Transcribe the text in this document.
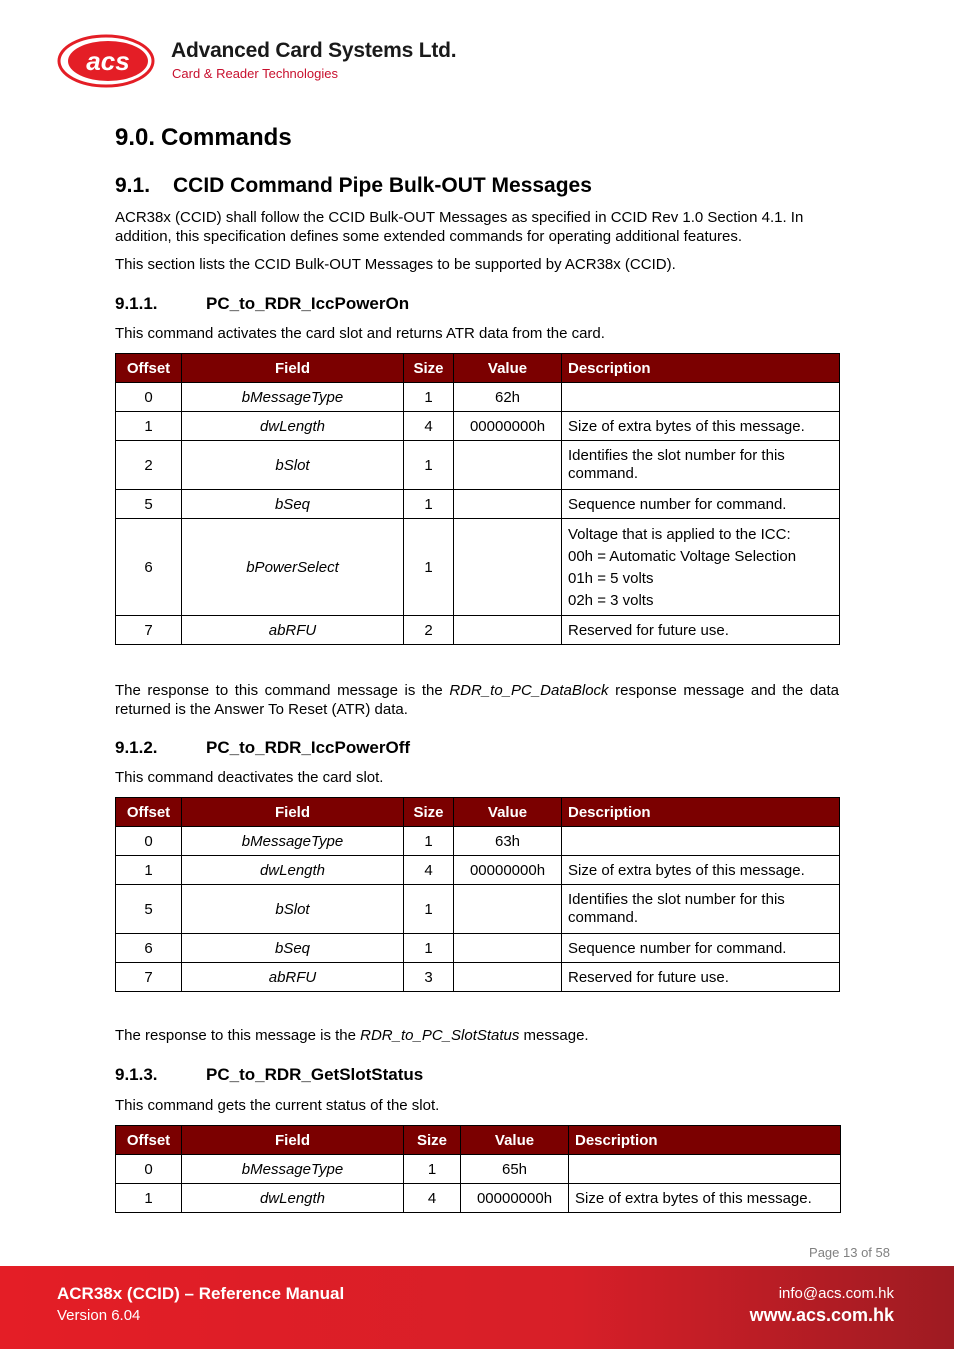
acs Advanced Card Systems Ltd.
Card & Reader Technologies
9.0. Commands
9.1. CCID Command Pipe Bulk-OUT Messages

ACR38x (CCID) shall follow the CCID Bulk-OUT Messages as specified in CCID Rev 1.0 Section 4.1. In addition, this specification defines some extended commands for operating additional features.

This section lists the CCID Bulk-OUT Messages to be supported by ACR38x (CCID).

9.1.1.	PC_to_RDR_IccPowerOn

This command activates the card slot and returns ATR data from the card.

Offset	Field	Size	Value	Description
0	bMessageType	1	62h	
1	dwLength	4	00000000h	Size of extra bytes of this message.
2	bSlot	1		Identifies the slot number for this command.
5	bSeq	1		Sequence number for command.
6	bPowerSelect	1		Voltage that is applied to the ICC:
00h = Automatic Voltage Selection
01h = 5 volts
02h = 3 volts

7	abRFU	2		Reserved for future use.

The response to this command message is the RDR_to_PC_DataBlock response message and the data returned is the Answer To Reset (ATR) data.

9.1.2.	PC_to_RDR_IccPowerOff

This command deactivates the card slot.

Offset	Field	Size	Value	Description
0	bMessageType	1	63h	
1	dwLength	4	00000000h	Size of extra bytes of this message.
5	bSlot	1		Identifies the slot number for this command.
6	bSeq	1		Sequence number for command.
7	abRFU	3		Reserved for future use.

The response to this message is the RDR_to_PC_SlotStatus message.

9.1.3.	PC_to_RDR_GetSlotStatus

This command gets the current status of the slot.

Offset	Field	Size	Value	Description
0	bMessageType	1	65h	
1	dwLength	4	00000000h	Size of extra bytes of this message.
Page 13 of 58
ACR38x (CCID) – Reference Manual
Version 6.04
info@acs.com.hk
www.acs.com.hk
